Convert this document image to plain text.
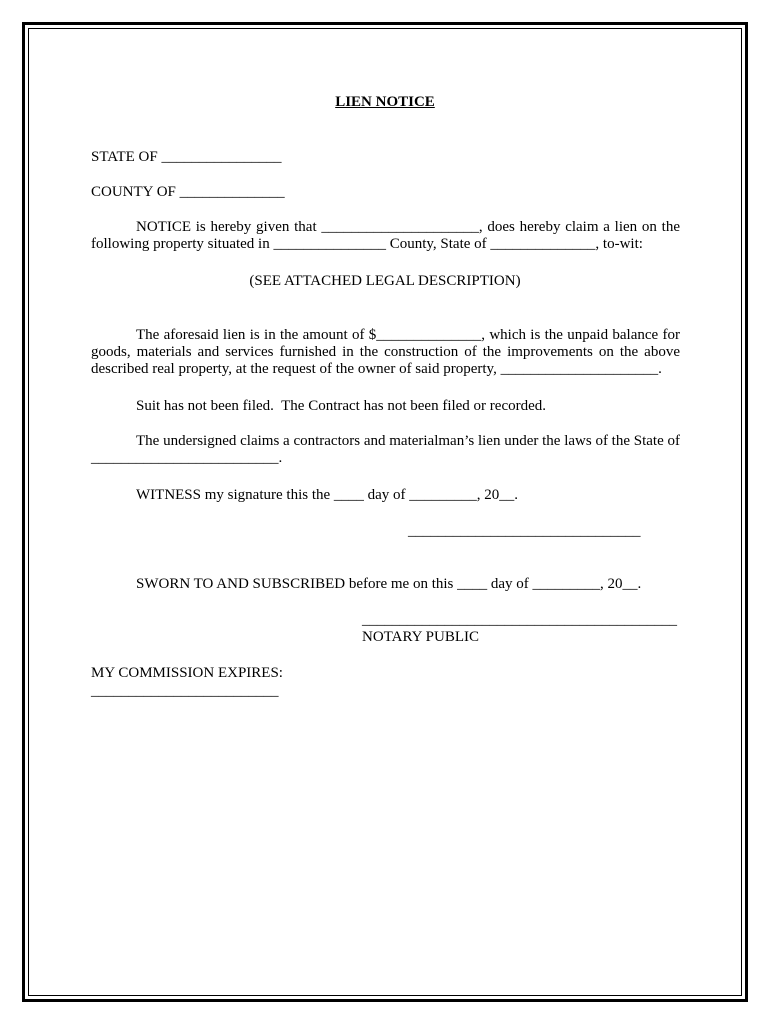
LIEN NOTICE
STATE OF ________________
COUNTY OF ______________
NOTICE is hereby given that _____________________, does hereby claim a lien on the following property situated in _______________ County, State of ______________, to-wit:
(SEE ATTACHED LEGAL DESCRIPTION)
The aforesaid lien is in the amount of $______________, which is the unpaid balance for goods, materials and services furnished in the construction of the improvements on the above described real property, at the request of the owner of said property, _____________________.
Suit has not been filed.  The Contract has not been filed or recorded.
The undersigned claims a contractors and materialman’s lien under the laws of the State of _________________________.
WITNESS my signature this the ____ day of _________, 20__.
_______________________________
SWORN TO AND SUBSCRIBED before me on this ____ day of _________, 20__.
__________________________________________
NOTARY PUBLIC
MY COMMISSION EXPIRES:
_________________________
